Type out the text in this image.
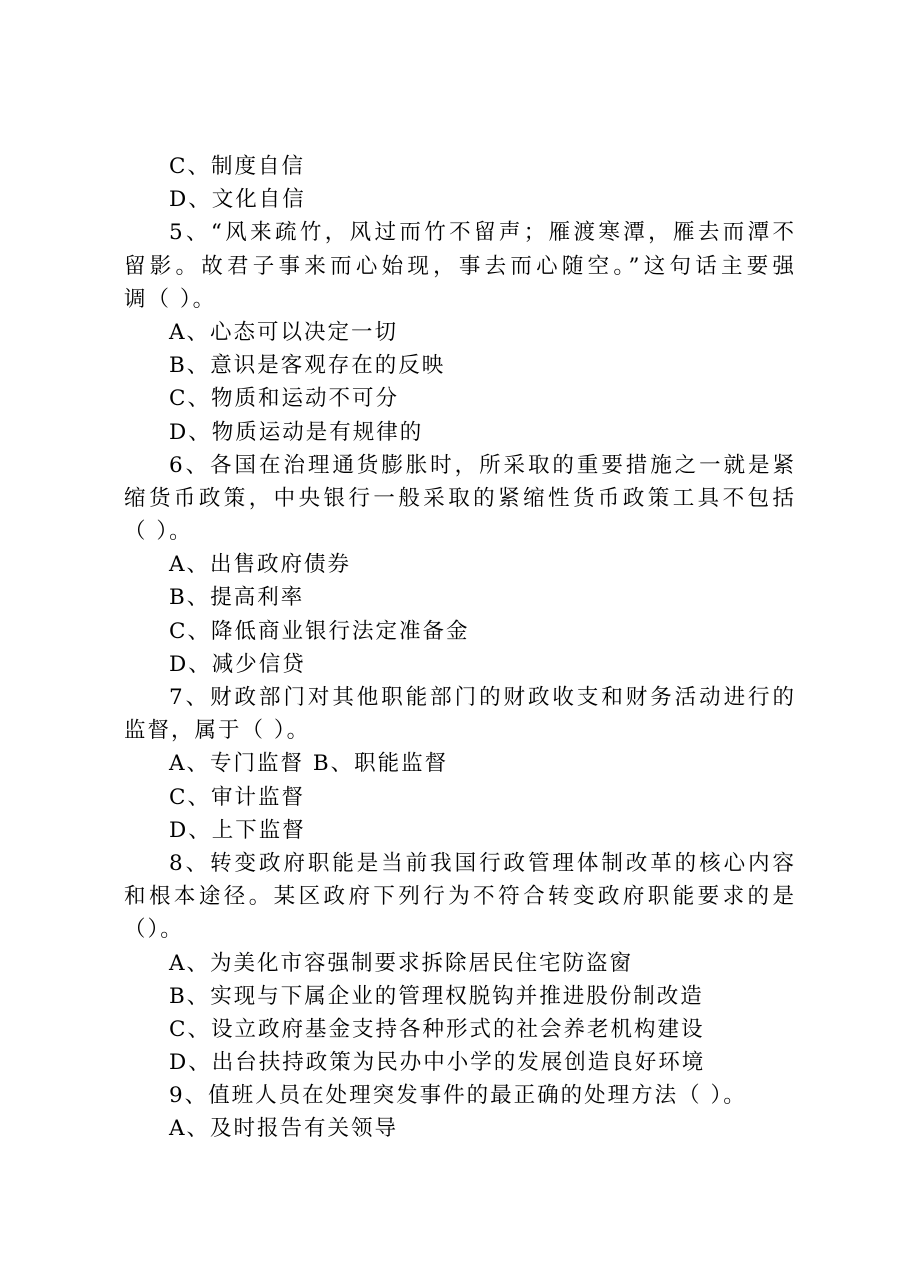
C、制度自信
D、文化自信
5、“风来疏竹，风过而竹不留声；雁渡寒潭，雁去而潭不
留影。故君子事来而心始现，事去而心随空。”这句话主要强
调（ ）。
A、心态可以决定一切
B、意识是客观存在的反映
C、物质和运动不可分
D、物质运动是有规律的
6、各国在治理通货膨胀时，所采取的重要措施之一就是紧
缩货币政策，中央银行一般采取的紧缩性货币政策工具不包括
（ ）。
A、出售政府债券
B、提高利率
C、降低商业银行法定准备金
D、减少信贷
7、财政部门对其他职能部门的财政收支和财务活动进行的
监督，属于（ ）。
A、专门监督 B、职能监督
C、审计监督
D、上下监督
8、转变政府职能是当前我国行政管理体制改革的核心内容
和根本途径。某区政府下列行为不符合转变政府职能要求的是
（）。
A、为美化市容强制要求拆除居民住宅防盗窗
B、实现与下属企业的管理权脱钩并推进股份制改造
C、设立政府基金支持各种形式的社会养老机构建设
D、出台扶持政策为民办中小学的发展创造良好环境
9、值班人员在处理突发事件的最正确的处理方法（ ）。
A、及时报告有关领导
